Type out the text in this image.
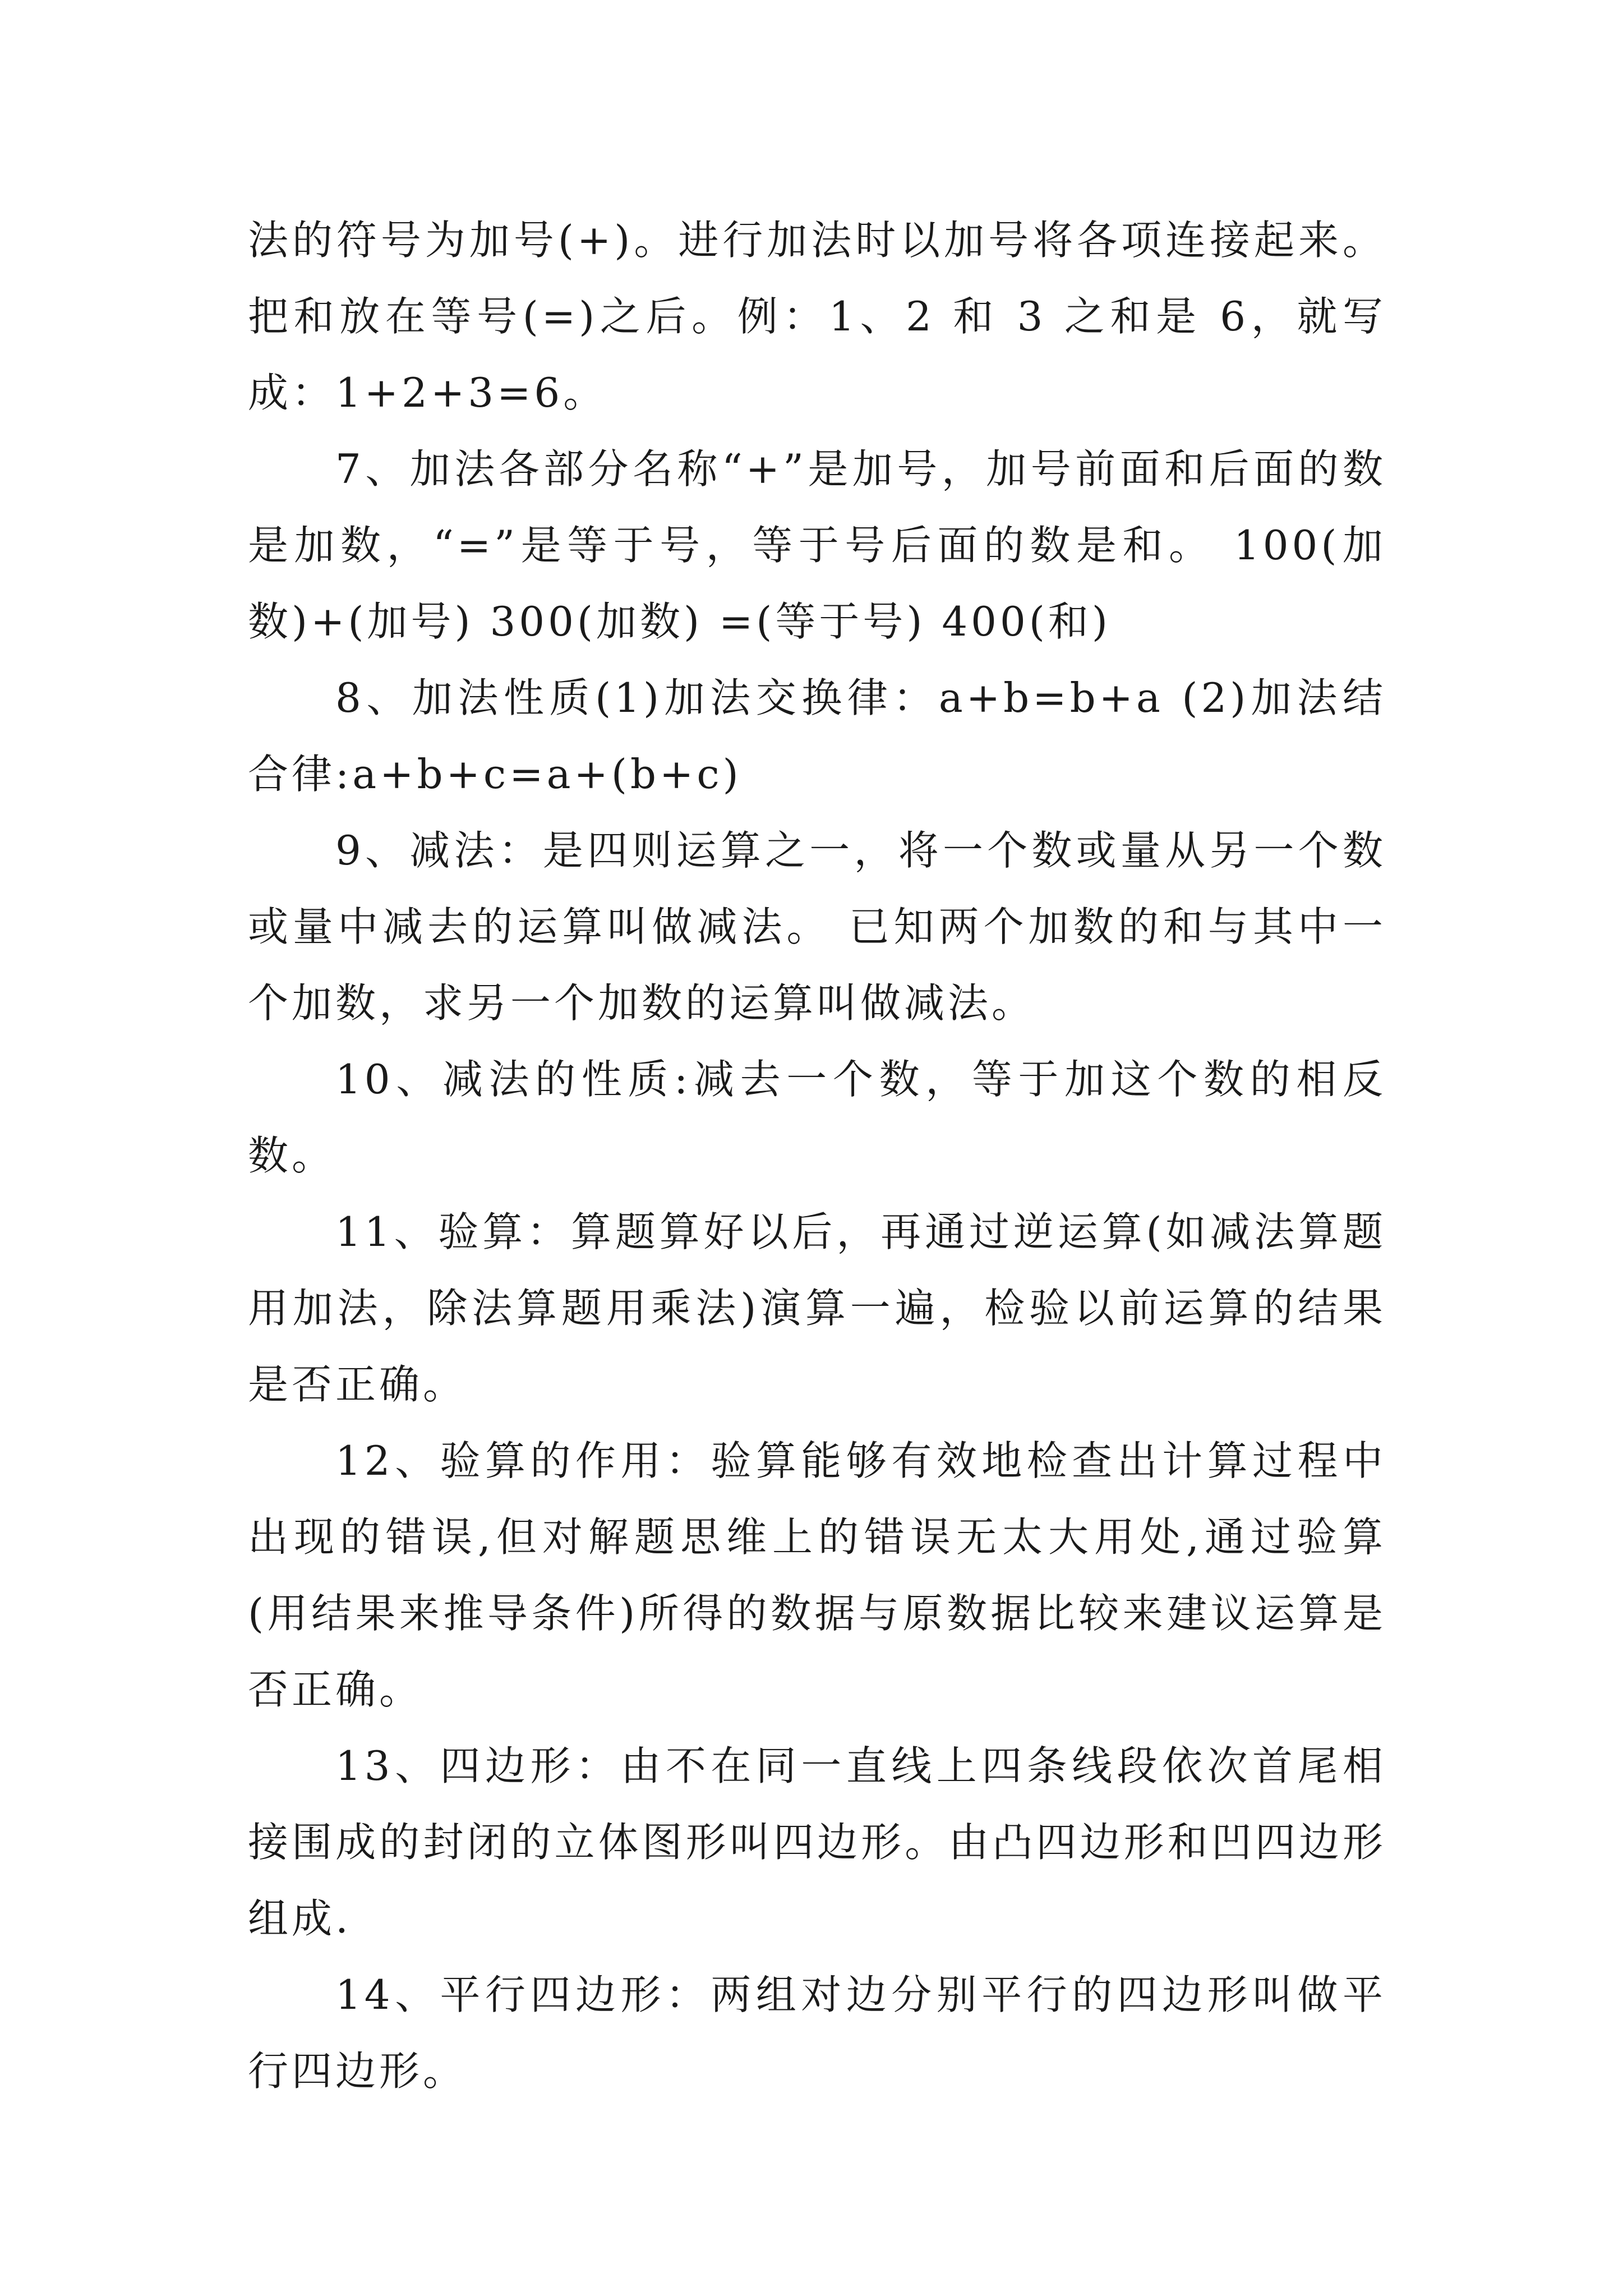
法的符号为加号(+)。进行加法时以加号将各项连接起来。把和放在等号(=)之后。例：1、2 和 3 之和是 6，就写成：1+2+3=6。

7、加法各部分名称“+”是加号，加号前面和后面的数是加数，“=”是等于号，等于号后面的数是和。 100(加数)+(加号) 300(加数) =(等于号) 400(和)

8、加法性质(1)加法交换律：a+b=b+a (2)加法结合律:a+b+c=a+(b+c)

9、减法：是四则运算之一，将一个数或量从另一个数或量中减去的运算叫做减法。 已知两个加数的和与其中一个加数，求另一个加数的运算叫做减法。

10、减法的性质:减去一个数，等于加这个数的相反数。

11、验算：算题算好以后，再通过逆运算(如减法算题用加法，除法算题用乘法)演算一遍，检验以前运算的结果是否正确。

12、验算的作用：验算能够有效地检查出计算过程中出现的错误,但对解题思维上的错误无太大用处,通过验算(用结果来推导条件)所得的数据与原数据比较来建议运算是否正确。

13、四边形：由不在同一直线上四条线段依次首尾相接围成的封闭的立体图形叫四边形。由凸四边形和凹四边形组成.

14、平行四边形：两组对边分别平行的四边形叫做平行四边形。
